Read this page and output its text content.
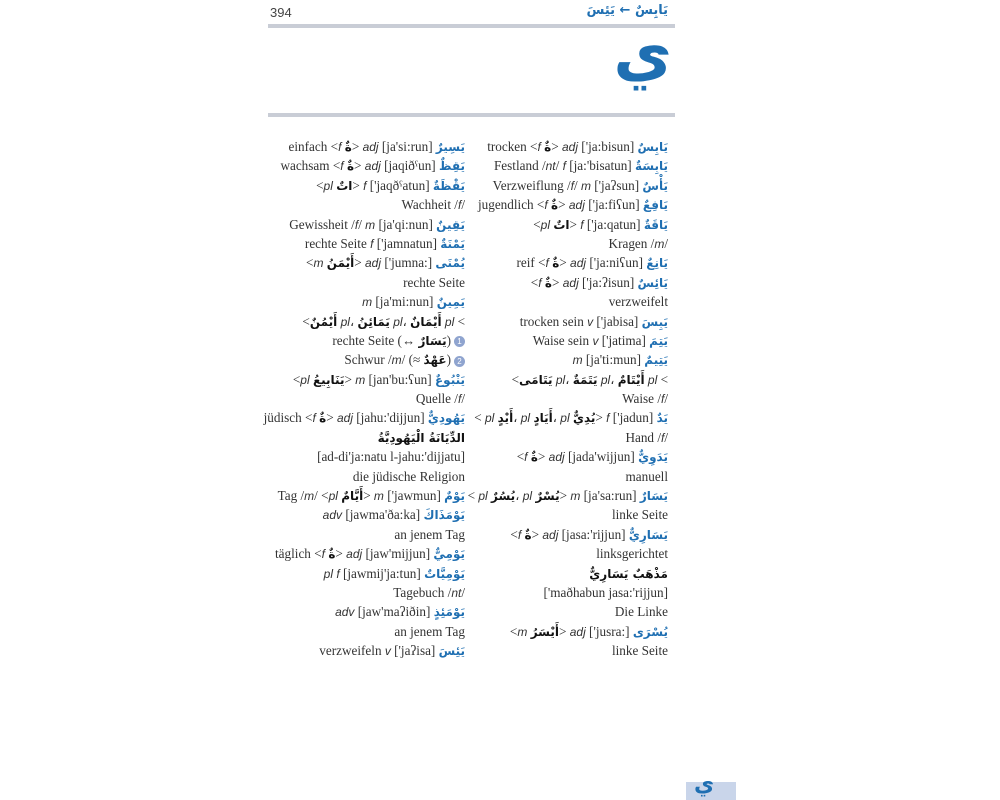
394	يَابِسٌ ← يَئِسَ
ي
einfach <f ةٌ> adj [ja'si:run] يَسِيرٌ
wachsam <f ةٌ> adj [jaqiðˁun] يَقِظٌ
<pl اتٌ> f ['jaqðˁatun] يَقْظَةٌ
Wachheit /f/
Gewissheit /f/ m [ja'qi:nun] يَقِينٌ
rechte Seite f ['jamnatun] يَمْنَةٌ
<m أَيْمَنُ> adj ['jumna:] يُمْنَى
rechte Seite
m [ja'mi:nun] يَمِينٌ
<أَيْمُنٌ pl، يَمَائِنُ pl، أَيْمَانٌ pl <
rechte Seite (↔ يَسَارٌ) 1
Schwur /m/ (≈ عَهْدٌ) 2
<pl يَنَابِيعُ> m [jan'bu:ʕun] يَنْبُوعٌ
Quelle /f/
jüdisch <f ةٌ> adj [jahu:'dijjun] يَهُودِيٌّ
الدِّيَانَةُ الْيَهُودِيَّةُ
[ad-di'ja:natu l-jahu:'dijjatu]
die jüdische Religion
Tag /m/ <pl أَيَّامٌ> m ['jawmun] يَوْمٌ
adv [jawma'ða:ka] يَوْمَذَاكَ
an jenem Tag
täglich <f ةٌ> adj [jaw'mijjun] يَوْمِيٌّ
pl f [jawmij'ja:tun] يَوْمِيَّاتٌ
Tagebuch /nt/
adv [jaw'maʔiðin] يَوْمَئِذٍ
an jenem Tag
verzweifeln v ['jaʔisa] يَئِسَ
trocken <f ةٌ> adj ['ja:bisun] يَابِسٌ
Festland /nt/ f [ja:'bisatun] يَابِسَةٌ
Verzweiflung /f/ m ['jaʔsun] يَأْسٌ
jugendlich <f ةٌ> adj ['ja:fiʕun] يَافِعٌ
<pl اتٌ> f ['ja:qatun] يَاقَةٌ
Kragen /m/
reif <f ةٌ> adj ['ja:niʕun] يَانِعٌ
<f ةٌ> adj ['ja:ʔisun] يَائِسٌ
verzweifelt
trocken sein v ['jabisa] يَبِسَ
Waise sein v ['jatima] يَتِمَ
m [ja'ti:mun] يَتِيمٌ
<يَتَامَى pl، يَتَمَةٌ pl، أَيْتَامٌ pl <
Waise /f/
< pl أَيْدٍ، pl أَيَادٍ، pl يُدِيٌّ> f ['jadun] يَدٌ
Hand /f/
<f ةٌ> adj [jada'wijjun] يَدَوِيٌّ
manuell
< pl يُسُرٌ، pl يُسْرٌ> m [ja'sa:run] يَسَارٌ
linke Seite
<f ةٌ> adj [jasa:'rijjun] يَسَارِيٌّ
linksgerichtet
مَذْهَبٌ يَسَارِيٌّ
['maðhabun jasa:'rijjun]
Die Linke
<m أَيْسَرُ> adj ['jusra:] يُسْرَى
linke Seite
ي
